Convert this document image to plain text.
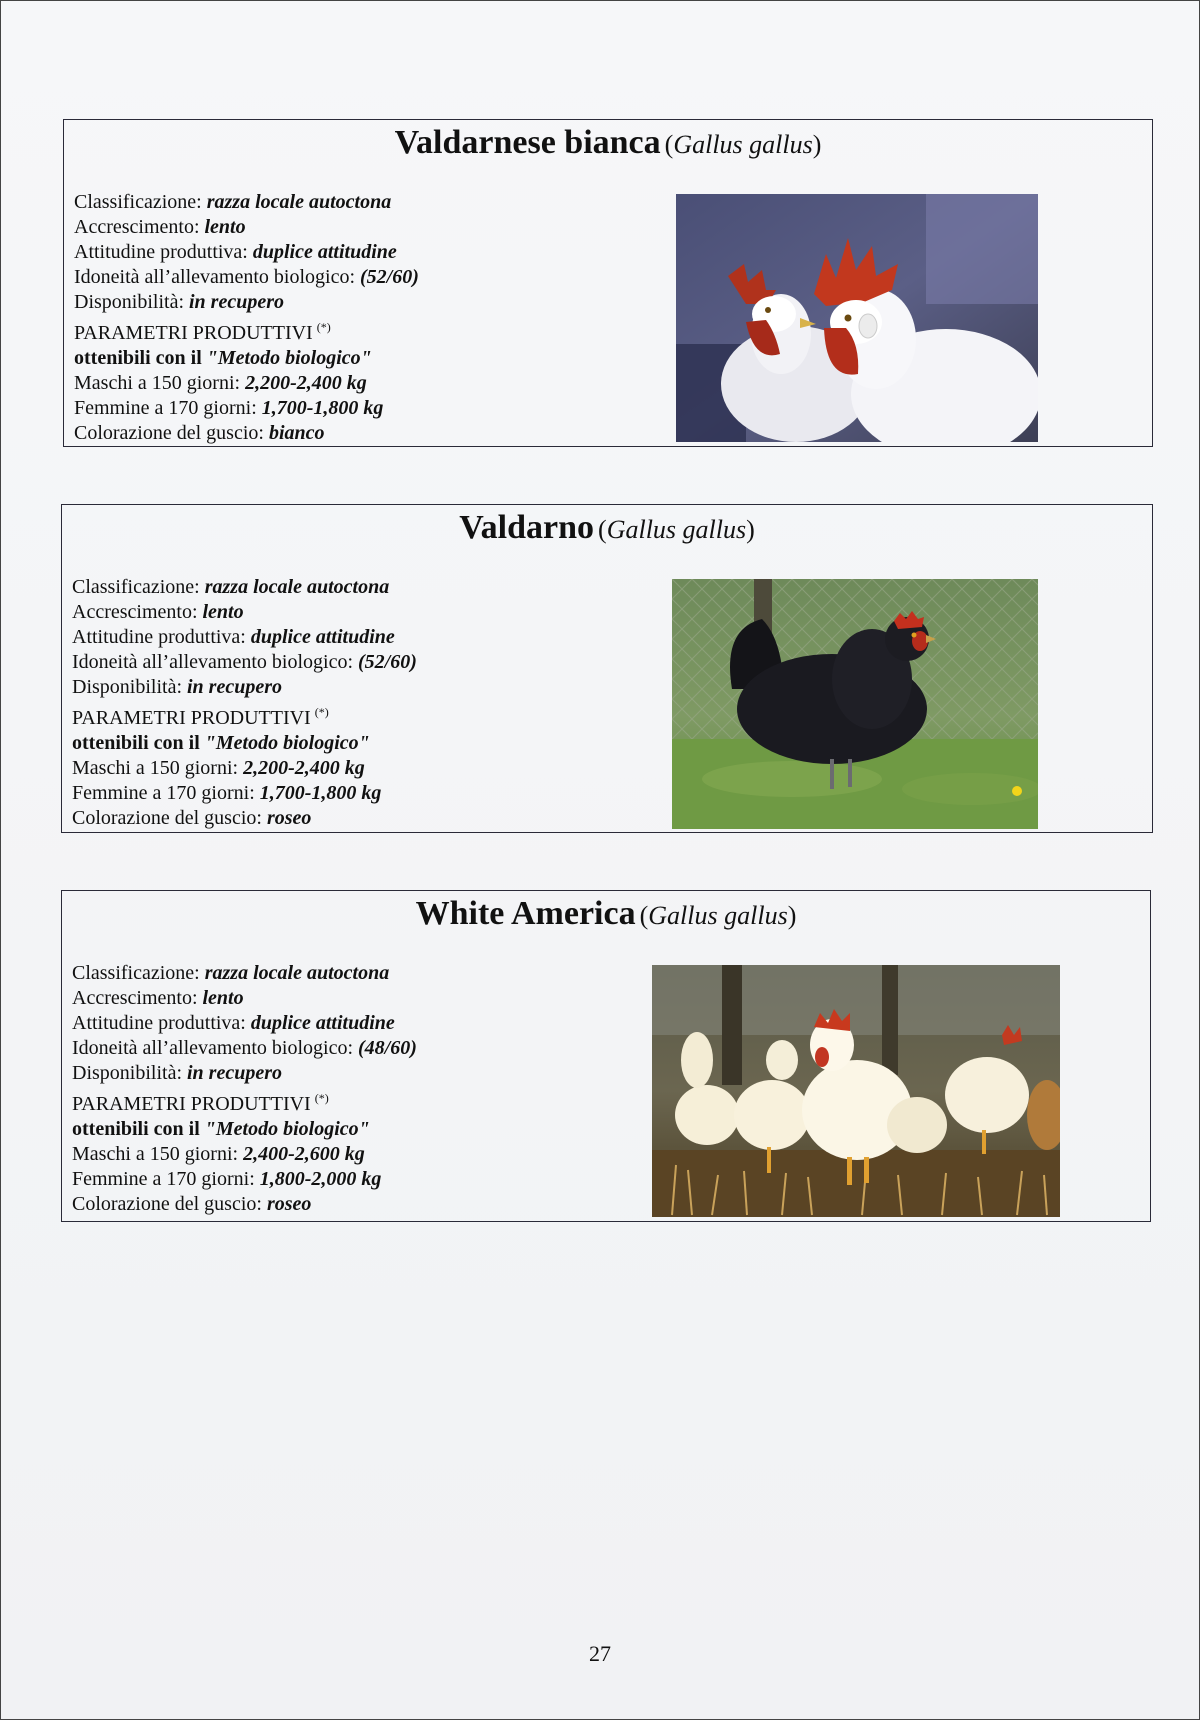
Valdarnese bianca (Gallus gallus)
Classificazione: razza locale autoctona
Accrescimento: lento
Attitudine produttiva: duplice attitudine
Idoneità all’allevamento biologico: (52/60)
Disponibilità: in recupero
PARAMETRI PRODUTTIVI (*)
ottenibili con il "Metodo biologico"
Maschi a 150 giorni: 2,200-2,400 kg
Femmine a 170 giorni: 1,700-1,800 kg
Colorazione del guscio: bianco
Valdarno (Gallus gallus)
Classificazione: razza locale autoctona
Accrescimento: lento
Attitudine produttiva: duplice attitudine
Idoneità all’allevamento biologico: (52/60)
Disponibilità: in recupero
PARAMETRI PRODUTTIVI (*)
ottenibili con il "Metodo biologico"
Maschi a 150 giorni: 2,200-2,400 kg
Femmine a 170 giorni: 1,700-1,800 kg
Colorazione del guscio: roseo
White America (Gallus gallus)
Classificazione: razza locale autoctona
Accrescimento: lento
Attitudine produttiva: duplice attitudine
Idoneità all’allevamento biologico: (48/60)
Disponibilità: in recupero
PARAMETRI PRODUTTIVI (*)
ottenibili con il "Metodo biologico"
Maschi a 150 giorni: 2,400-2,600 kg
Femmine a 170 giorni: 1,800-2,000 kg
Colorazione del guscio: roseo
27
